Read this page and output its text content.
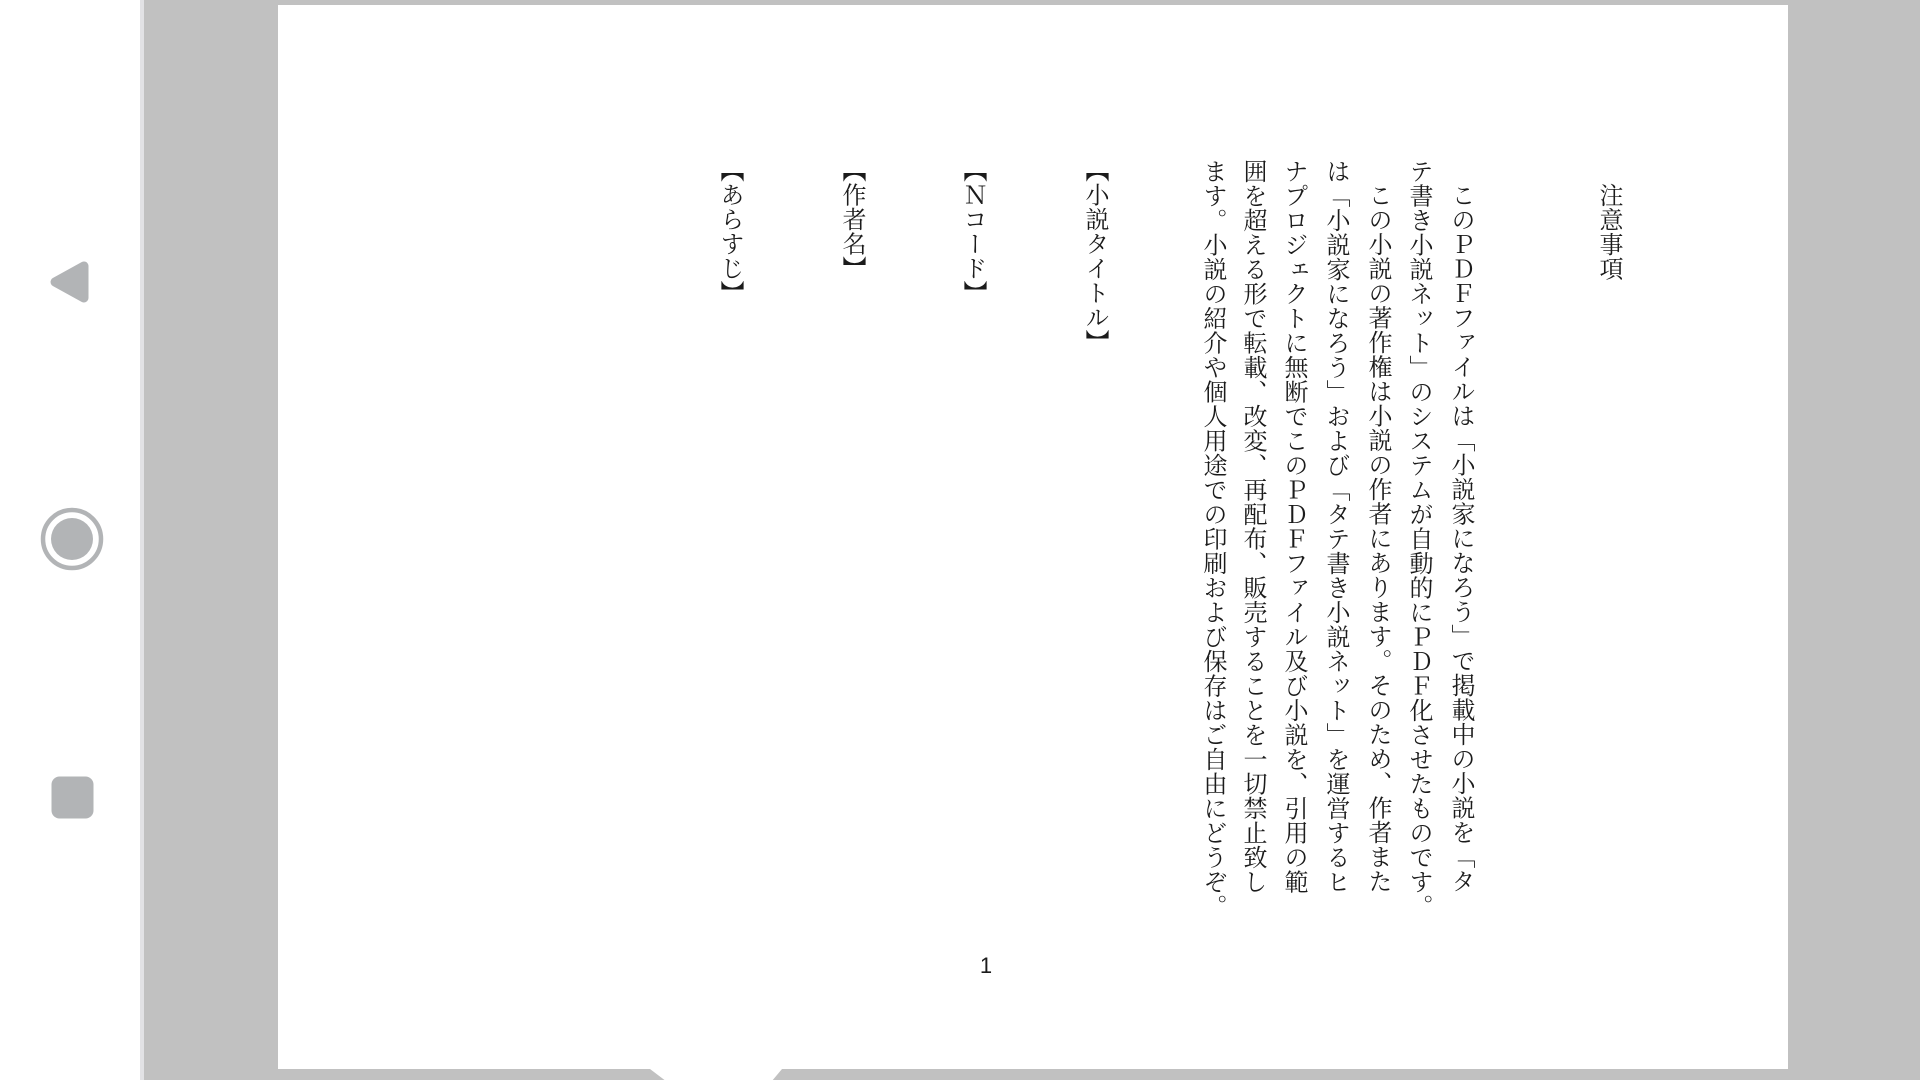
注意事項
このＰＤＦファイルは「小説家になろう」で掲載中の小説を「タ
テ書き小説ネット」のシステムが自動的にＰＤＦ化させたものです。
この小説の著作権は小説の作者にあります。そのため、作者また
は「小説家になろう」および「タテ書き小説ネット」を運営するヒ
ナプロジェクトに無断でこのＰＤＦファイル及び小説を、引用の範
囲を超える形で転載、改変、再配布、販売することを一切禁止致し
ます。小説の紹介や個人用途での印刷および保存はご自由にどうぞ。
【小説タイトル】
【Ｎコード】
【作者名】
【あらすじ】
1
